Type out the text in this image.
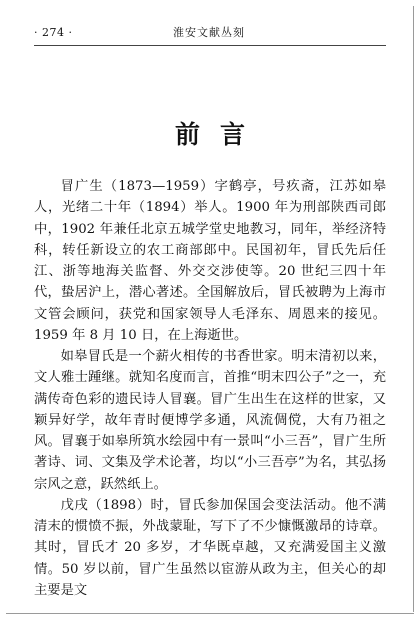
· 274 ·	淮安文献丛刻
前言

冒广生（1873—1959）字鹤亭，号疚斋，江苏如皋人，光绪二十年（1894）举人。1900 年为刑部陕西司郎中，1902 年兼任北京五城学堂史地教习，同年，举经济特科，转任新设立的农工商部郎中。民国初年，冒氏先后任江、浙等地海关监督、外交交涉使等。20 世纪三四十年代，蛰居沪上，潜心著述。全国解放后，冒氏被聘为上海市文管会顾问，获党和国家领导人毛泽东、周恩来的接见。1959 年 8 月 10 日，在上海逝世。

如皋冒氏是一个薪火相传的书香世家。明末清初以来，文人雅士踵继。就知名度而言，首推“明末四公子”之一，充满传奇色彩的遗民诗人冒襄。冒广生出生在这样的世家，又颖异好学，故年青时便博学多通，风流倜傥，大有乃祖之风。冒襄于如皋所筑水绘园中有一景叫“小三吾”，冒广生所著诗、词、文集及学术论著，均以“小三吾亭”为名，其弘扬宗风之意，跃然纸上。

戊戌（1898）时，冒氏参加保国会变法活动。他不满清末的惯愤不振，外战蒙耻，写下了不少慷慨激昂的诗章。其时，冒氏才 20 多岁，才华既卓越，又充满爱国主义激情。50 岁以前，冒广生虽然以宦游从政为主，但关心的却主要是文
